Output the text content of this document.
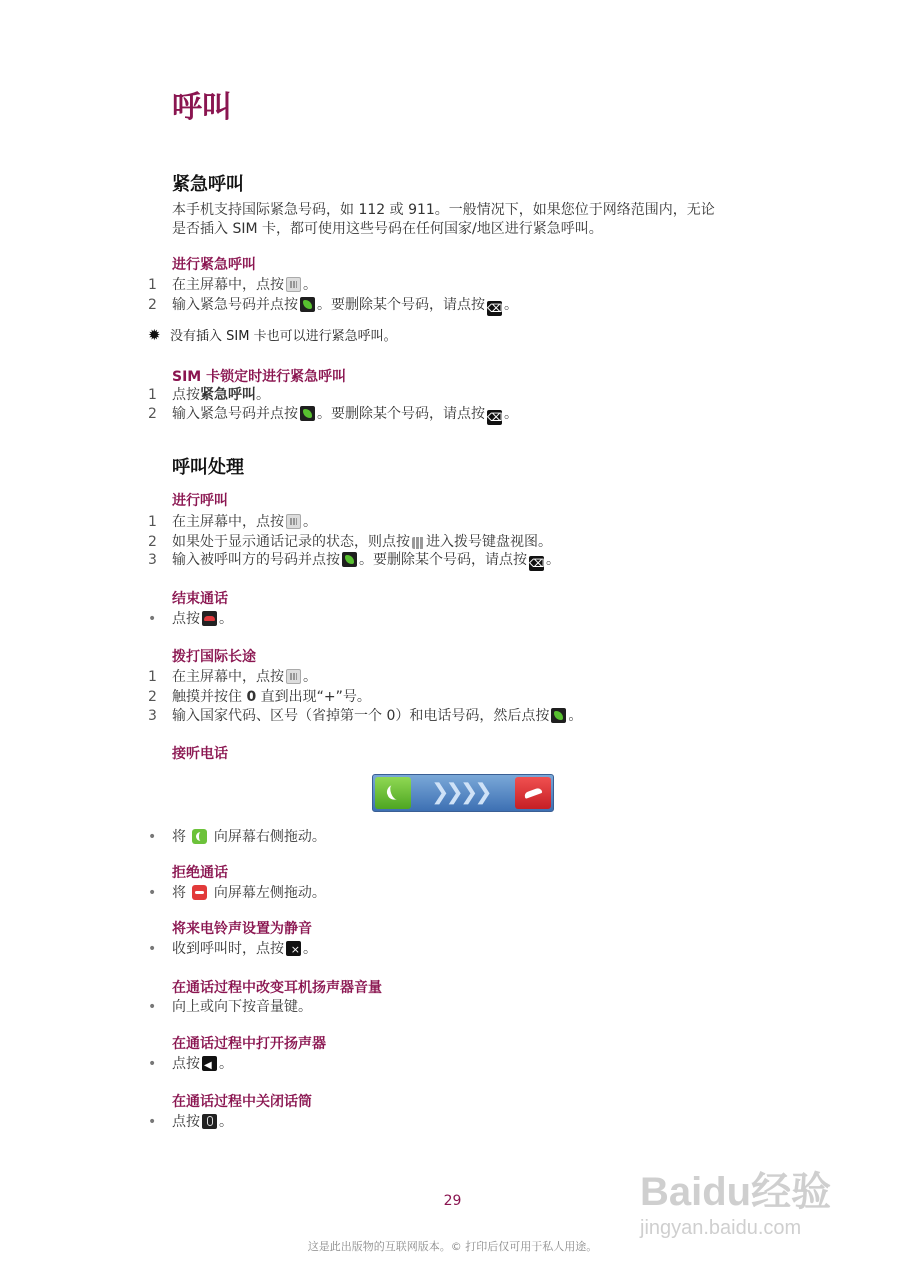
呼叫
紧急呼叫
本手机支持国际紧急号码，如 112 或 911。一般情况下，如果您位于网络范围内，无论
是否插入 SIM 卡，都可使用这些号码在任何国家/地区进行紧急呼叫。
进行紧急呼叫
1 在主屏幕中，点按 。
2 输入紧急号码并点按 。要删除某个号码，请点按 ⌫。
✹ 没有插入 SIM 卡也可以进行紧急呼叫。
SIM 卡锁定时进行紧急呼叫
1 点按紧急呼叫。
2 输入紧急号码并点按 。要删除某个号码，请点按 ⌫。
呼叫处理
进行呼叫
1 在主屏幕中，点按 。
2 如果处于显示通话记录的状态，则点按 进入拨号键盘视图。
3 输入被呼叫方的号码并点按 。要删除某个号码，请点按 ⌫。
结束通话
• 点按 。
拨打国际长途
1 在主屏幕中，点按 。
2 触摸并按住 0 直到出现“+”号。
3 输入国家代码、区号（省掉第一个 0）和电话号码，然后点按 。
接听电话
❯❯❯❯
• 将 向屏幕右侧拖动。
拒绝通话
• 将 向屏幕左侧拖动。
将来电铃声设置为静音
• 收到呼叫时，点按 × 。
在通话过程中改变耳机扬声器音量
• 向上或向下按音量键。
在通话过程中打开扬声器
• 点按 ◀ 。
在通话过程中关闭话筒
• 点按 。
Baidu经验
jingyan.baidu.com
29
这是此出版物的互联网版本。© 打印后仅可用于私人用途。
